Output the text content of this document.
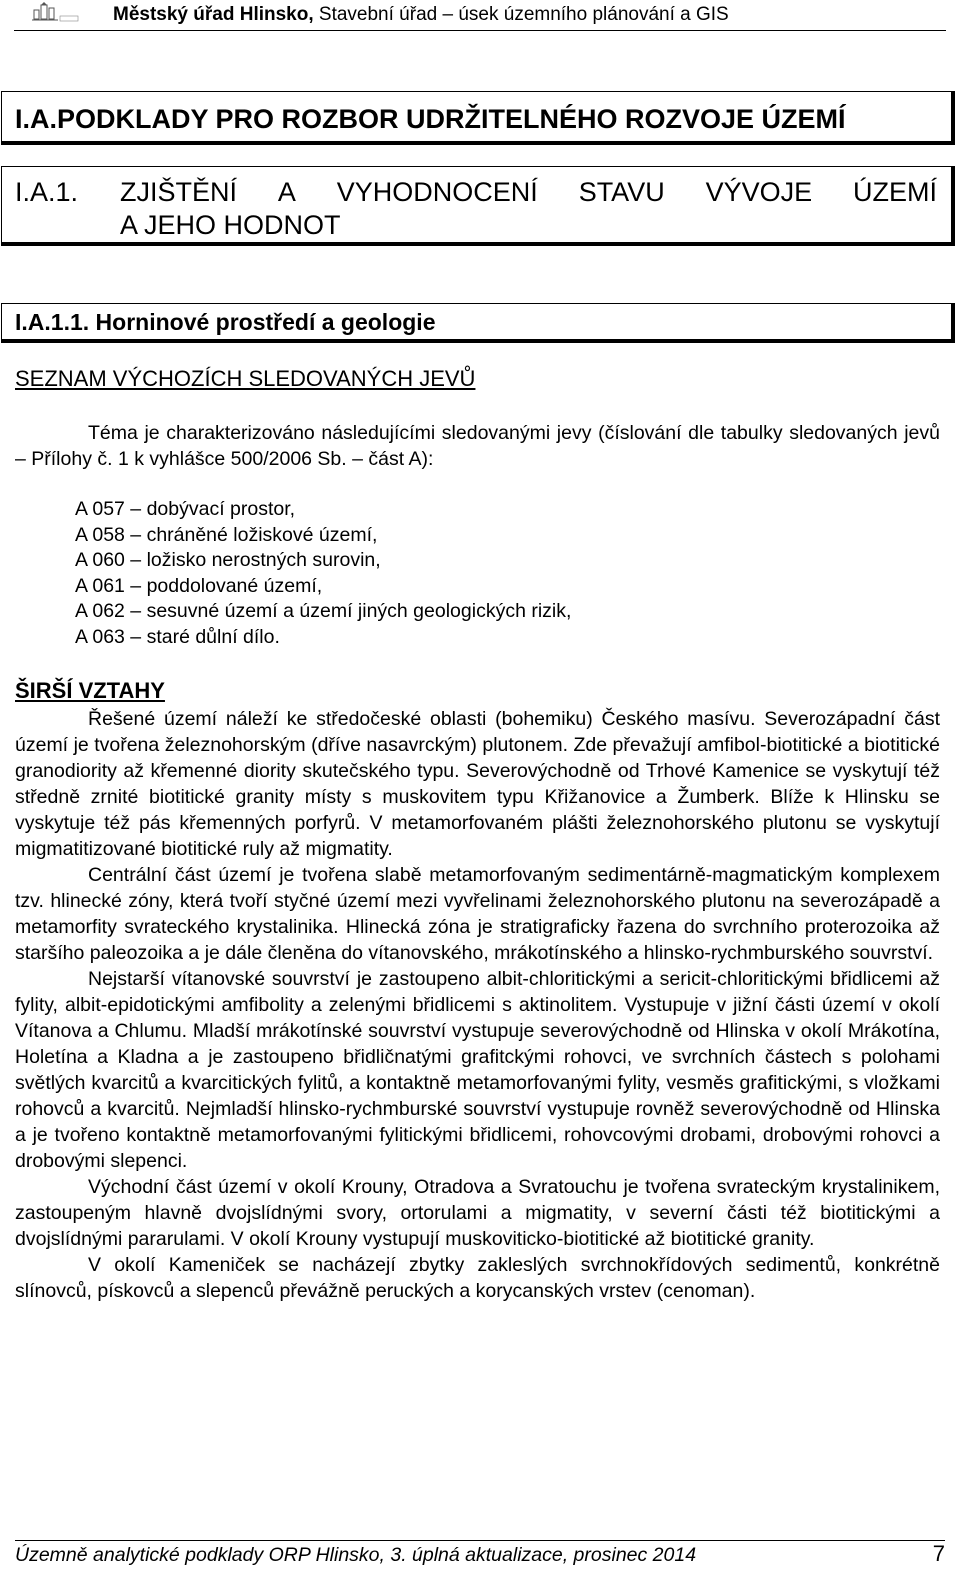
Městský úřad Hlinsko, Stavební úřad – úsek územního plánování a GIS
I.A.PODKLADY PRO ROZBOR UDRŽITELNÉHO ROZVOJE ÚZEMÍ
I.A.1. ZJIŠTĚNÍ A VYHODNOCENÍ STAVU VÝVOJE ÚZEMÍ
A JEHO HODNOT
I.A.1.1. Horninové prostředí a geologie
SEZNAM VÝCHOZÍCH SLEDOVANÝCH JEVŮ

Téma je charakterizováno následujícími sledovanými jevy (číslování dle tabulky sledovaných jevů – Přílohy č. 1 k vyhlášce 500/2006 Sb. – část A):

A 057 – dobývací prostor,
A 058 – chráněné ložiskové území,
A 060 – ložisko nerostných surovin,
A 061 – poddolované území,
A 062 – sesuvné území a území jiných geologických rizik,
A 063 – staré důlní dílo.
ŠIRŠÍ VZTAHY

Řešené území náleží ke středočeské oblasti (bohemiku) Českého masívu. Severozápadní část území je tvořena železnohorským (dříve nasavrckým) plutonem. Zde převažují amfibol-biotitické a biotitické granodiority až křemenné diority skutečského typu. Severovýchodně od Trhové Kamenice se vyskytují též středně zrnité biotitické granity místy s muskovitem typu Křižanovice a Žumberk. Blíže k Hlinsku se vyskytuje též pás křemenných porfyrů. V metamorfovaném plášti železnohorského plutonu se vyskytují migmatitizované biotitické ruly až migmatity.

Centrální část území je tvořena slabě metamorfovaným sedimentárně-magmatickým komplexem tzv. hlinecké zóny, která tvoří styčné území mezi vyvřelinami železnohorského plutonu na severozápadě a metamorfity svrateckého krystalinika. Hlinecká zóna je stratigraficky řazena do svrchního proterozoika až staršího paleozoika a je dále členěna do vítanovského, mrákotínského a hlinsko-rychmburského souvrství.

Nejstarší vítanovské souvrství je zastoupeno albit-chloritickými a sericit-chloritickými břidlicemi až fylity, albit-epidotickými amfibolity a zelenými břidlicemi s aktinolitem. Vystupuje v jižní části území v okolí Vítanova a Chlumu. Mladší mrákotínské souvrství vystupuje severovýchodně od Hlinska v okolí Mrákotína, Holetína a Kladna a je zastoupeno břidličnatými grafitckými rohovci, ve svrchních částech s polohami světlých kvarcitů a kvarcitických fylitů, a kontaktně metamorfovanými fylity, vesměs grafitickými, s vložkami rohovců a kvarcitů. Nejmladší hlinsko-rychmburské souvrství vystupuje rovněž severovýchodně od Hlinska a je tvořeno kontaktně metamorfovanými fylitickými břidlicemi, rohovcovými drobami, drobovými rohovci a drobovými slepenci.

Východní část území v okolí Krouny, Otradova a Svratouchu je tvořena svrateckým krystalinikem, zastoupeným hlavně dvojslídnými svory, ortorulami a migmatity, v severní části též biotitickými a dvojslídnými pararulami. V okolí Krouny vystupují muskoviticko-biotitické až biotitické granity.

V okolí Kameniček se nacházejí zbytky zakleslých svrchnokřídových sedimentů, konkrétně slínovců, pískovců a slepenců převážně peruckých a korycanských vrstev (cenoman).

Územně analytické podklady ORP Hlinsko, 3. úplná aktualizace, prosinec 2014	7
